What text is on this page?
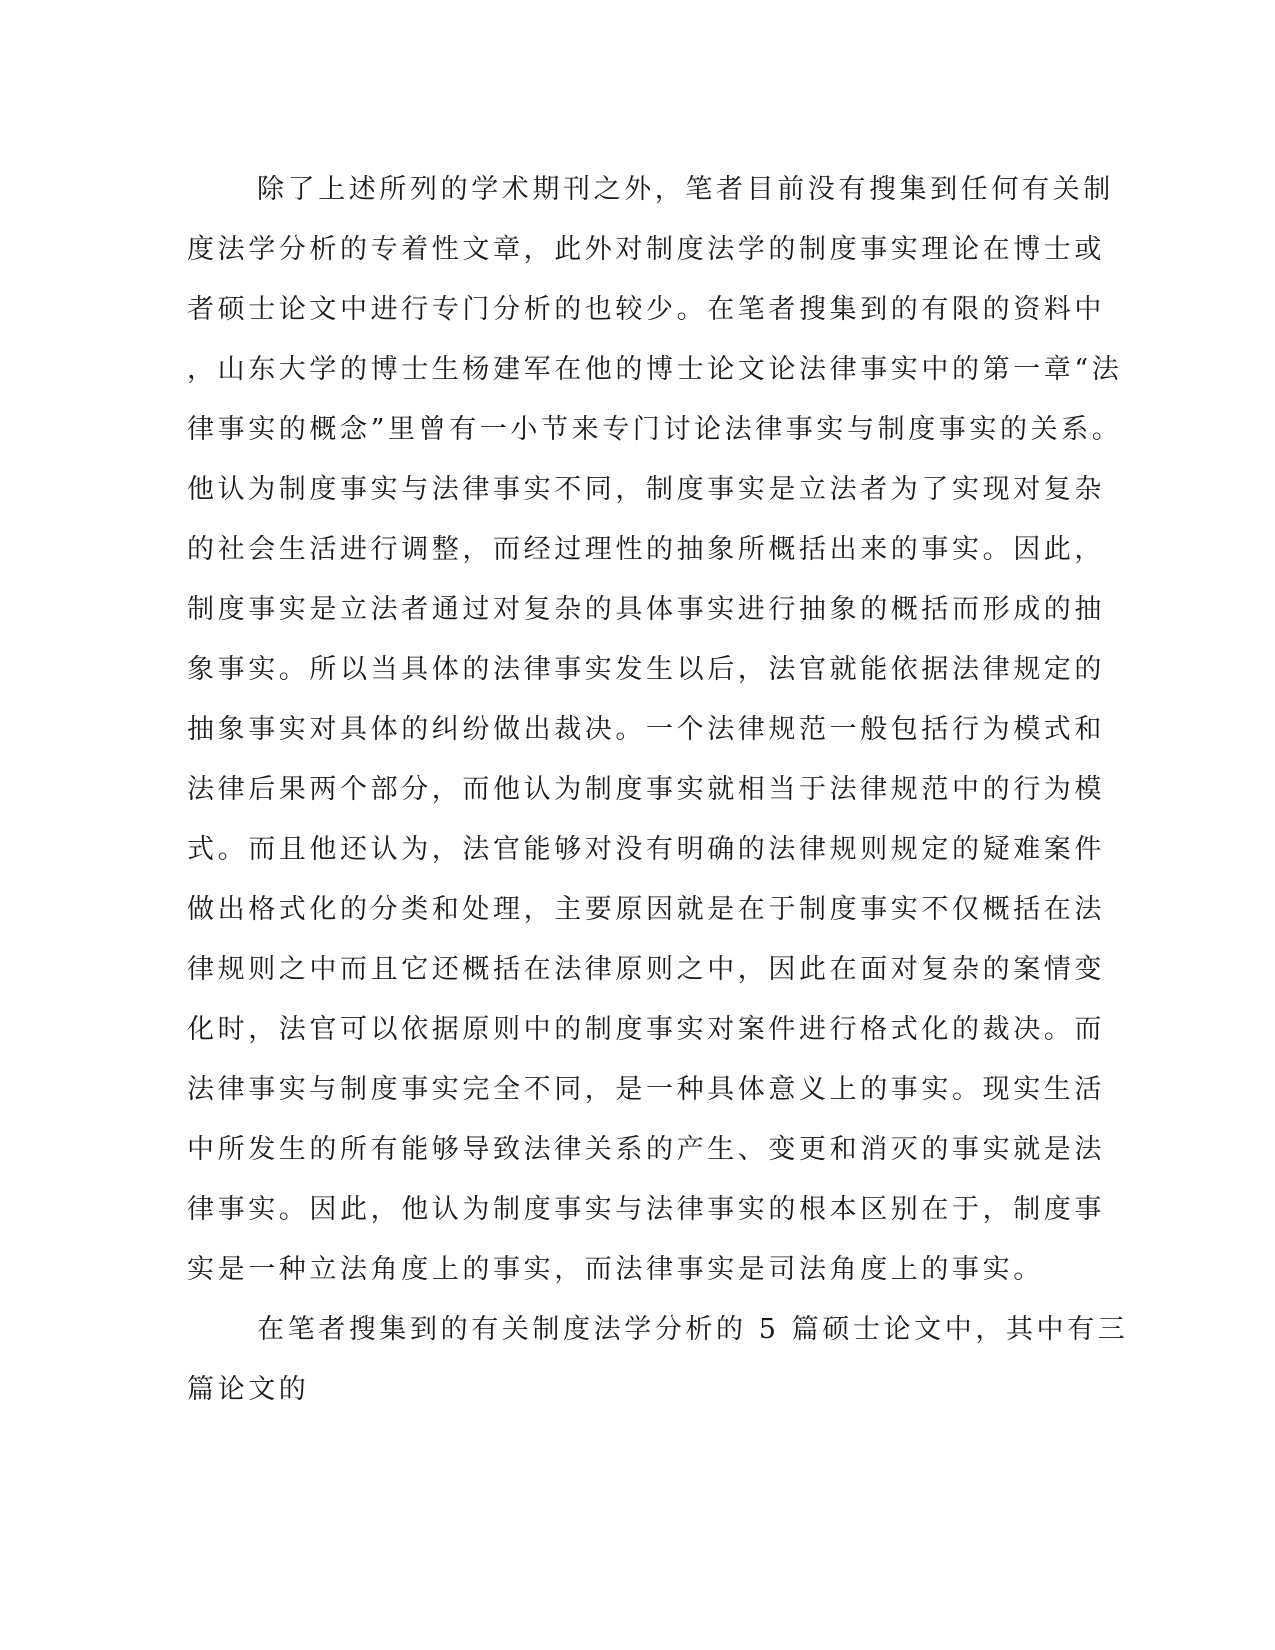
除了上述所列的学术期刊之外，笔者目前没有搜集到任何有关制
度法学分析的专着性文章，此外对制度法学的制度事实理论在博士或
者硕士论文中进行专门分析的也较少。在笔者搜集到的有限的资料中
，山东大学的博士生杨建军在他的博士论文论法律事实中的第一章“法
律事实的概念”里曾有一小节来专门讨论法律事实与制度事实的关系。
他认为制度事实与法律事实不同，制度事实是立法者为了实现对复杂
的社会生活进行调整，而经过理性的抽象所概括出来的事实。因此，
制度事实是立法者通过对复杂的具体事实进行抽象的概括而形成的抽
象事实。所以当具体的法律事实发生以后，法官就能依据法律规定的
抽象事实对具体的纠纷做出裁决。一个法律规范一般包括行为模式和
法律后果两个部分，而他认为制度事实就相当于法律规范中的行为模
式。而且他还认为，法官能够对没有明确的法律规则规定的疑难案件
做出格式化的分类和处理，主要原因就是在于制度事实不仅概括在法
律规则之中而且它还概括在法律原则之中，因此在面对复杂的案情变
化时，法官可以依据原则中的制度事实对案件进行格式化的裁决。而
法律事实与制度事实完全不同，是一种具体意义上的事实。现实生活
中所发生的所有能够导致法律关系的产生、变更和消灭的事实就是法
律事实。因此，他认为制度事实与法律事实的根本区别在于，制度事
实是一种立法角度上的事实，而法律事实是司法角度上的事实。
在笔者搜集到的有关制度法学分析的 5 篇硕士论文中，其中有三
篇论文的
